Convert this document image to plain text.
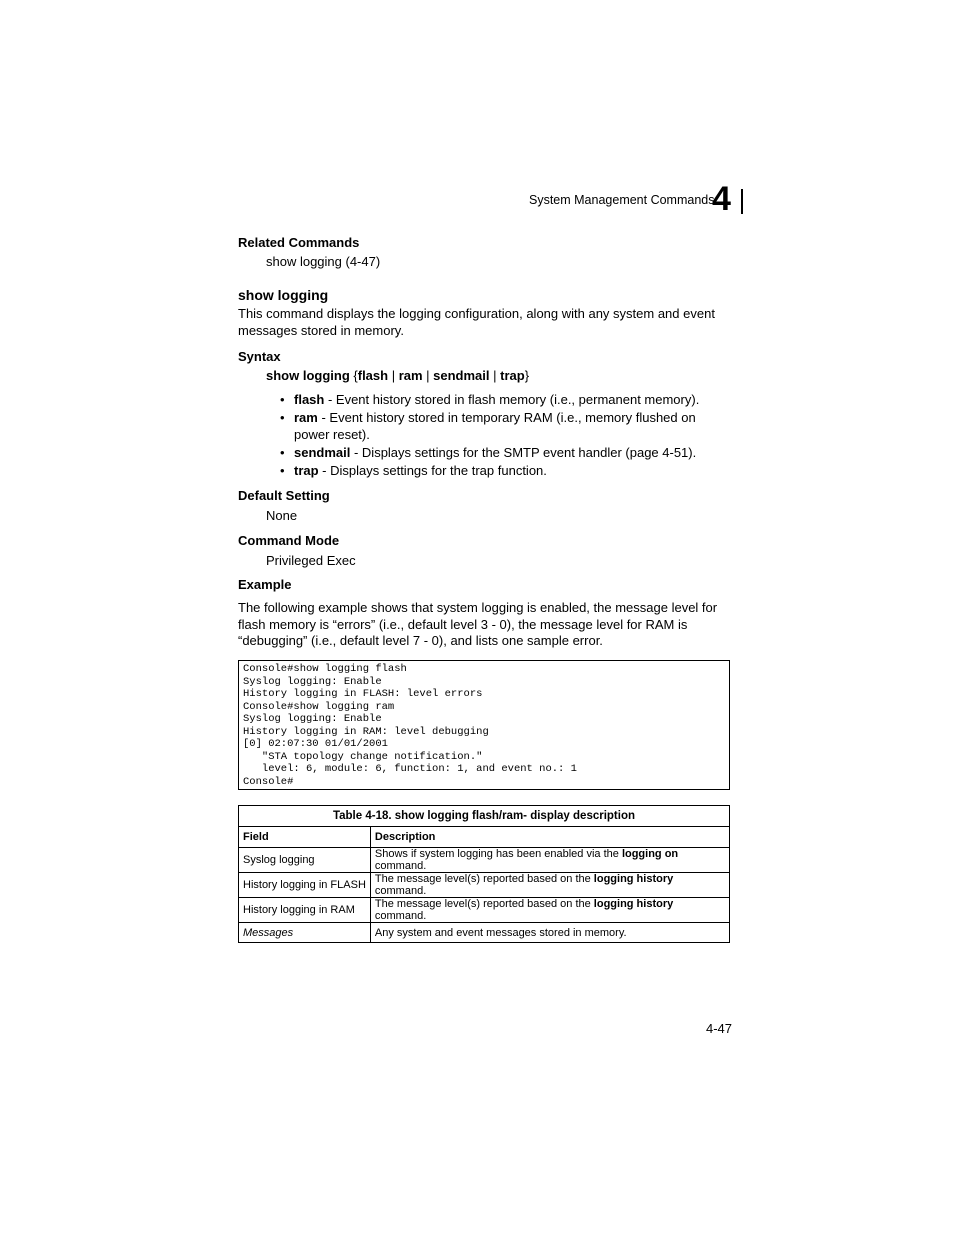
System Management Commands
4
Related Commands
show logging (4-47)
show logging
This command displays the logging configuration, along with any system and event messages stored in memory.
Syntax
show logging {flash | ram | sendmail | trap}
• flash - Event history stored in flash memory (i.e., permanent memory).
• ram - Event history stored in temporary RAM (i.e., memory flushed on power reset).
• sendmail - Displays settings for the SMTP event handler (page 4-51).
• trap - Displays settings for the trap function.
Default Setting
None
Command Mode
Privileged Exec
Example
The following example shows that system logging is enabled, the message level for flash memory is “errors” (i.e., default level 3 - 0), the message level for RAM is “debugging” (i.e., default level 7 - 0), and lists one sample error.
Console#show logging flash
Syslog logging: Enable
History logging in FLASH: level errors
Console#show logging ram
Syslog logging: Enable
History logging in RAM: level debugging
[0] 02:07:30 01/01/2001
"STA topology change notification."
level: 6, module: 6, function: 1, and event no.: 1
Console#
Table 4-18. show logging flash/ram- display description	
Field	Description
Syslog logging	Shows if system logging has been enabled via the logging on command.
History logging in FLASH	The message level(s) reported based on the logging history command.
History logging in RAM	The message level(s) reported based on the logging history command.
Messages	Any system and event messages stored in memory.
4-47
